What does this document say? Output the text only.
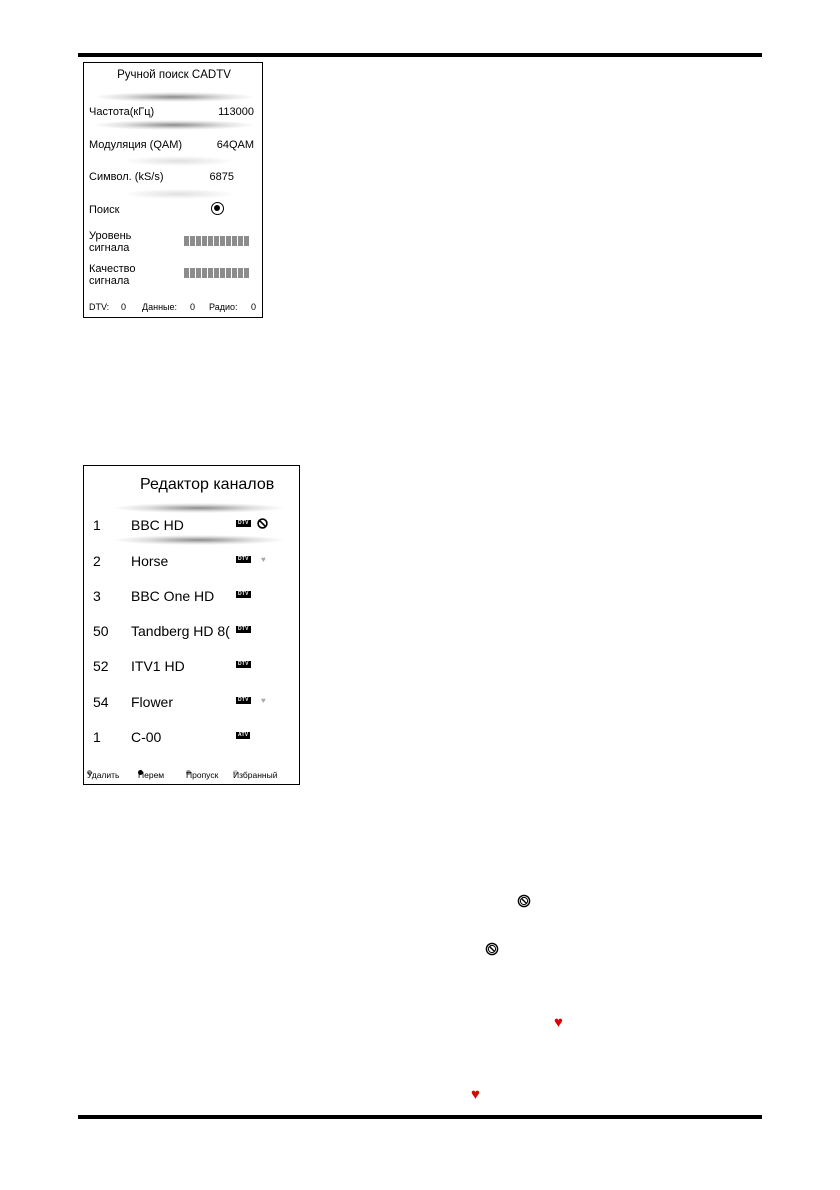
Ручной поиск CADTV
Частота(кГц)	113000
Модуляция (QAM)	64QAM
Символ. (kS/s)	6875
Поиск
Уровень
сигнала
Качество
сигнала
DTV: 0 Данные: 0 Радио: 0
Редактор каналов
1 BBC HD	DTV
2 Horse	DTV ♥
3 BBC One HD	DTV
50 Tandberg HD 8(	DTV
52 ITV1 HD	DTV
54 Flower	DTV ♥
1 C-00	ATV
Удалить Перем	Пропуск Избранный
♥
♥
